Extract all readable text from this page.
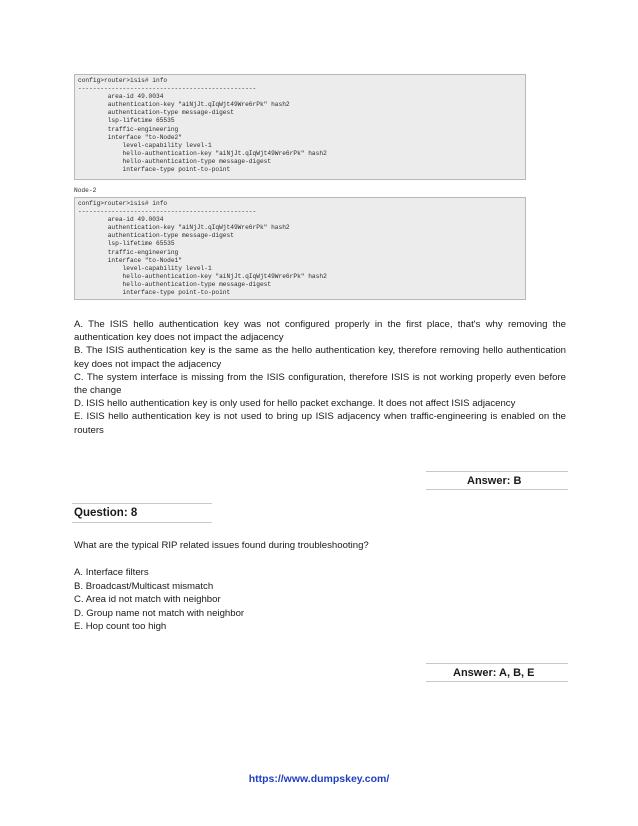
config>router>isis# info
------------------------------------------------
area-id 49.0034
authentication-key "aiNjJt.qIqWjt49Wre6rPk" hash2
authentication-type message-digest
lsp-lifetime 65535
traffic-engineering
interface "to-Node2"
level-capability level-1
hello-authentication-key "aiNjJt.qIqWjt49Wre6rPk" hash2
hello-authentication-type message-digest
interface-type point-to-point
Node-2
config>router>isis# info
------------------------------------------------
area-id 49.0034
authentication-key "aiNjJt.qIqWjt49Wre6rPk" hash2
authentication-type message-digest
lsp-lifetime 65535
traffic-engineering
interface "to-Node1"
level-capability level-1
hello-authentication-key "aiNjJt.qIqWjt49Wre6rPk" hash2
hello-authentication-type message-digest
interface-type point-to-point
A. The ISIS hello authentication key was not configured properly in the first place, that's why removing the authentication key does not impact the adjacency
B. The ISIS authentication key is the same as the hello authentication key, therefore removing hello authentication key does not impact the adjacency
C. The system interface is missing from the ISIS configuration, therefore ISIS is not working properly even before the change
D. ISIS hello authentication key is only used for hello packet exchange. It does not affect ISIS adjacency
E. ISIS hello authentication key is not used to bring up ISIS adjacency when traffic-engineering is enabled on the routers
Answer: B
Question: 8
What are the typical RIP related issues found during troubleshooting?
A. Interface filters
B. Broadcast/Multicast mismatch
C. Area id not match with neighbor
D. Group name not match with neighbor
E. Hop count too high
Answer: A, B, E
https://www.dumpskey.com/
